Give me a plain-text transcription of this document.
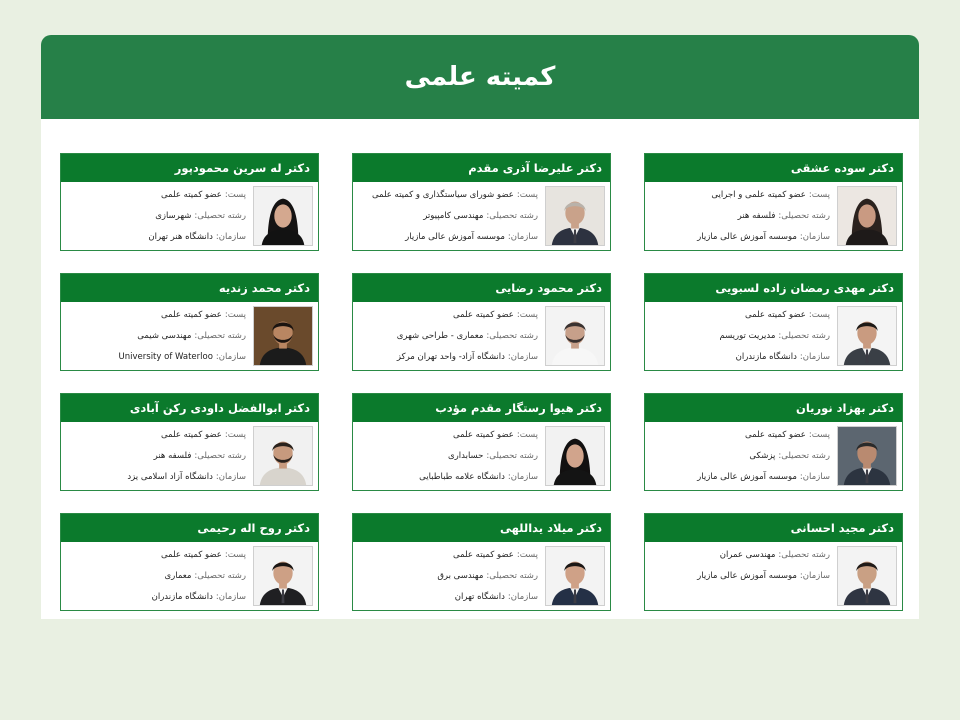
کمیته علمی
دکتر سوده عشقی
پست:عضو کمیته علمی و اجرایی
رشته تحصیلی:فلسفه هنر
سازمان:موسسه آموزش عالی مازیار
دکتر علیرضا آذری مقدم
پست:عضو شورای سیاستگذاری و کمیته علمی
رشته تحصیلی:مهندسی کامپیوتر
سازمان:موسسه آموزش عالی مازیار
دکتر له سرین محمودپور
پست:عضو کمیته علمی
رشته تحصیلی:شهرسازی
سازمان:دانشگاه هنر تهران
دکتر مهدی رمضان زاده لسبویی
پست:عضو کمیته علمی
رشته تحصیلی:مدیریت توریسم
سازمان:دانشگاه مازندران
دکتر محمود رضایی
پست:عضو کمیته علمی
رشته تحصیلی:معماری - طراحی شهری
سازمان:دانشگاه آزاد- واحد تهران مرکز
دکتر محمد زندیه
پست:عضو کمیته علمی
رشته تحصیلی:مهندسی شیمی
سازمان:University of Waterloo
دکتر بهزاد نوریان
پست:عضو کمیته علمی
رشته تحصیلی:پزشکی
سازمان:موسسه آموزش عالی مازیار
دکتر هیوا رستگار مقدم مؤدب
پست:عضو کمیته علمی
رشته تحصیلی:حسابداری
سازمان:دانشگاه علامه طباطبایی
دکتر ابوالفضل داودی رکن آبادی
پست:عضو کمیته علمی
رشته تحصیلی:فلسفه هنر
سازمان:دانشگاه آزاد اسلامی یزد
دکتر مجید احسانی
رشته تحصیلی:مهندسی عمران
سازمان:موسسه آموزش عالی مازیار
دکتر میلاد یداللهی
پست:عضو کمیته علمی
رشته تحصیلی:مهندسی برق
سازمان:دانشگاه تهران
دکتر روح اله رحیمی
پست:عضو کمیته علمی
رشته تحصیلی:معماری
سازمان:دانشگاه مازندران
